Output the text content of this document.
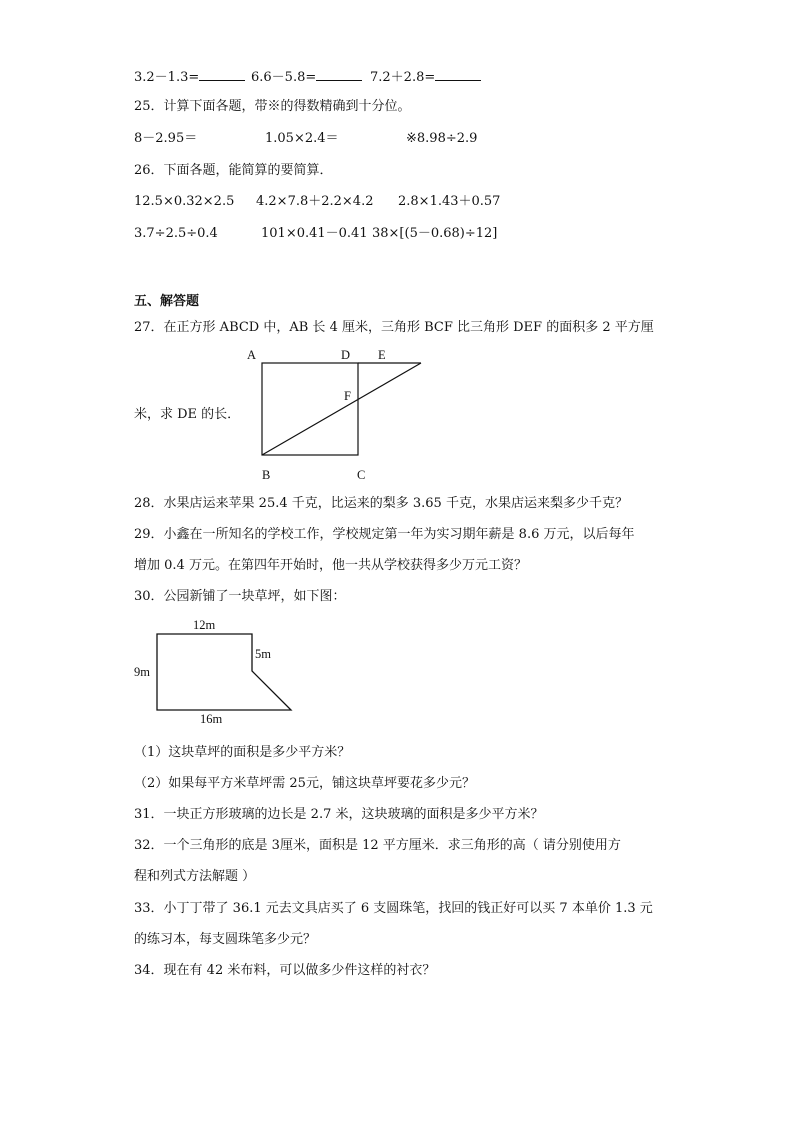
3.2－1.3=	6.6－5.8=	7.2＋2.8=
25．计算下面各题，带※的得数精确到十分位。
8－2.95＝	1.05×2.4＝	※8.98÷2.9
26．下面各题，能简算的要简算．
12.5×0.32×2.5 4.2×7.8＋2.2×4.2 2.8×1.43＋0.57
3.7÷2.5÷0.4	101×0.41－0.41 38×[(5－0.68)÷12]
五、解答题
27．在正方形 ABCD 中，AB 长 4 厘米，三角形 BCF 比三角形 DEF 的面积多 2 平方厘
米，求 DE 的长．
A	D E
F
B	C
28．水果店运来苹果 25.4 千克，比运来的梨多 3.65 千克，水果店运来梨多少千克？
29．小鑫在一所知名的学校工作，学校规定第一年为实习期年薪是 8.6 万元，以后每年
增加 0.4 万元。在第四年开始时，他一共从学校获得多少万元工资？
30．公园新铺了一块草坪，如下图：
12m
9m
5m
16m
（1）这块草坪的面积是多少平方米？
（2）如果每平方米草坪需 25元，铺这块草坪要花多少元？
31．一块正方形玻璃的边长是 2.7 米，这块玻璃的面积是多少平方米？
32．一个三角形的底是 3厘米，面积是 12 平方厘米．求三角形的高（ 请分别使用方
程和列式方法解题 ）
33．小丁丁带了 36.1 元去文具店买了 6 支圆珠笔，找回的钱正好可以买 7 本单价 1.3 元
的练习本，每支圆珠笔多少元？
34．现在有 42 米布料，可以做多少件这样的衬衣？
